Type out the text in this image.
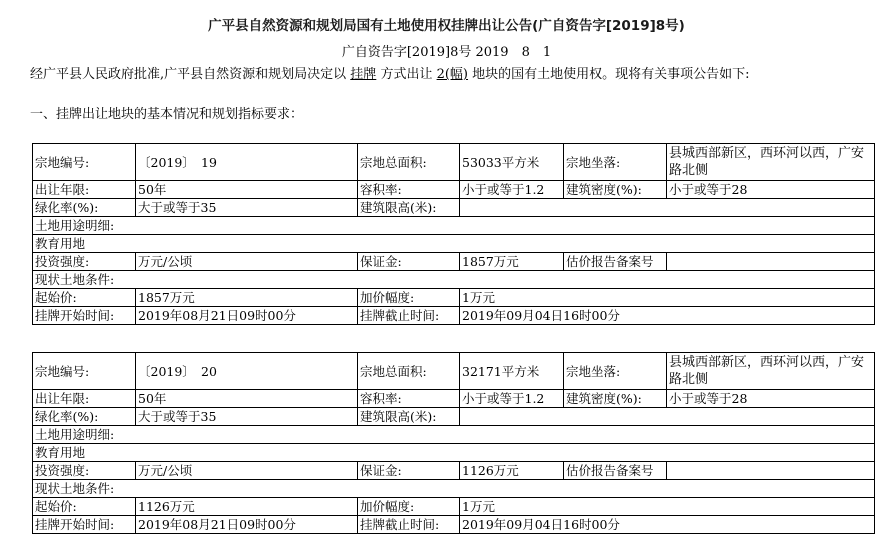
广平县自然资源和规划局国有土地使用权挂牌出让公告(广自资告字[2019]8号)
广自资告字[2019]8号 2019　8　1
经广平县人民政府批准,广平县自然资源和规划局决定以 挂牌 方式出让 2(幅) 地块的国有土地使用权。现将有关事项公告如下:
一、挂牌出让地块的基本情况和规划指标要求：
宗地编号:	〔2019〕　19	宗地总面积:	53033平方米	宗地坐落:	县城西部新区，西环河以西，广安路北侧
出让年限:	50年	容积率:	小于或等于1.2	建筑密度(%):	小于或等于28
绿化率(%):	大于或等于35	建筑限高(米):			
土地用途明细:					
教育用地					
投资强度:	万元/公顷	保证金:	1857万元	估价报告备案号	
现状土地条件:					
起始价:	1857万元	加价幅度:	1万元		
挂牌开始时间:	2019年08月21日09时00分	挂牌截止时间:	2019年09月04日16时00分		
宗地编号:	〔2019〕　20	宗地总面积:	32171平方米	宗地坐落:	县城西部新区，西环河以西，广安路北侧
出让年限:	50年	容积率:	小于或等于1.2	建筑密度(%):	小于或等于28
绿化率(%):	大于或等于35	建筑限高(米):			
土地用途明细:					
教育用地					
投资强度:	万元/公顷	保证金:	1126万元	估价报告备案号	
现状土地条件:					
起始价:	1126万元	加价幅度:	1万元		
挂牌开始时间:	2019年08月21日09时00分	挂牌截止时间:	2019年09月04日16时00分		
